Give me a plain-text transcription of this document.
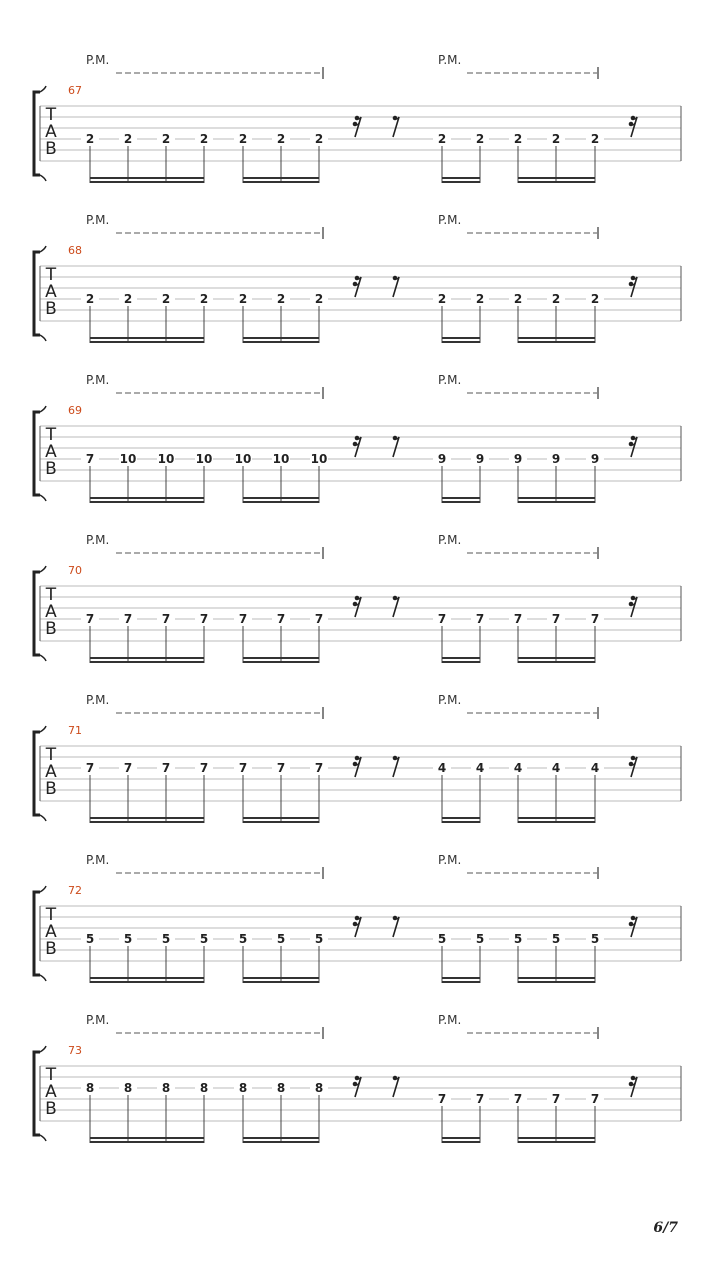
P.M.	P.M.
67
T
A
B 2 2 2 2	2 2 2	2 2 2 2	2
P.M.	P.M.
68
T
A
B 2 2 2 2	2 2 2	2 2 2 2	2
P.M.	P.M.
69
T
A
B 7 10 10 10 10 10 10	9 9 9 9	9
P.M.	P.M.
70
T
A
B 7 7 7 7	7 7 7	7 7 7 7	7
P.M.	P.M.
71
T
A
B
7 7 7 7	7 7 7	4 4 4 4	4
P.M.	P.M.
72
T
A
B 5 5 5 5	5 5 5	5 5 5 5	5
P.M.	P.M.
73
T
A
B
8 8 8 8	8 8 8
7 7 7 7	7
6/7
